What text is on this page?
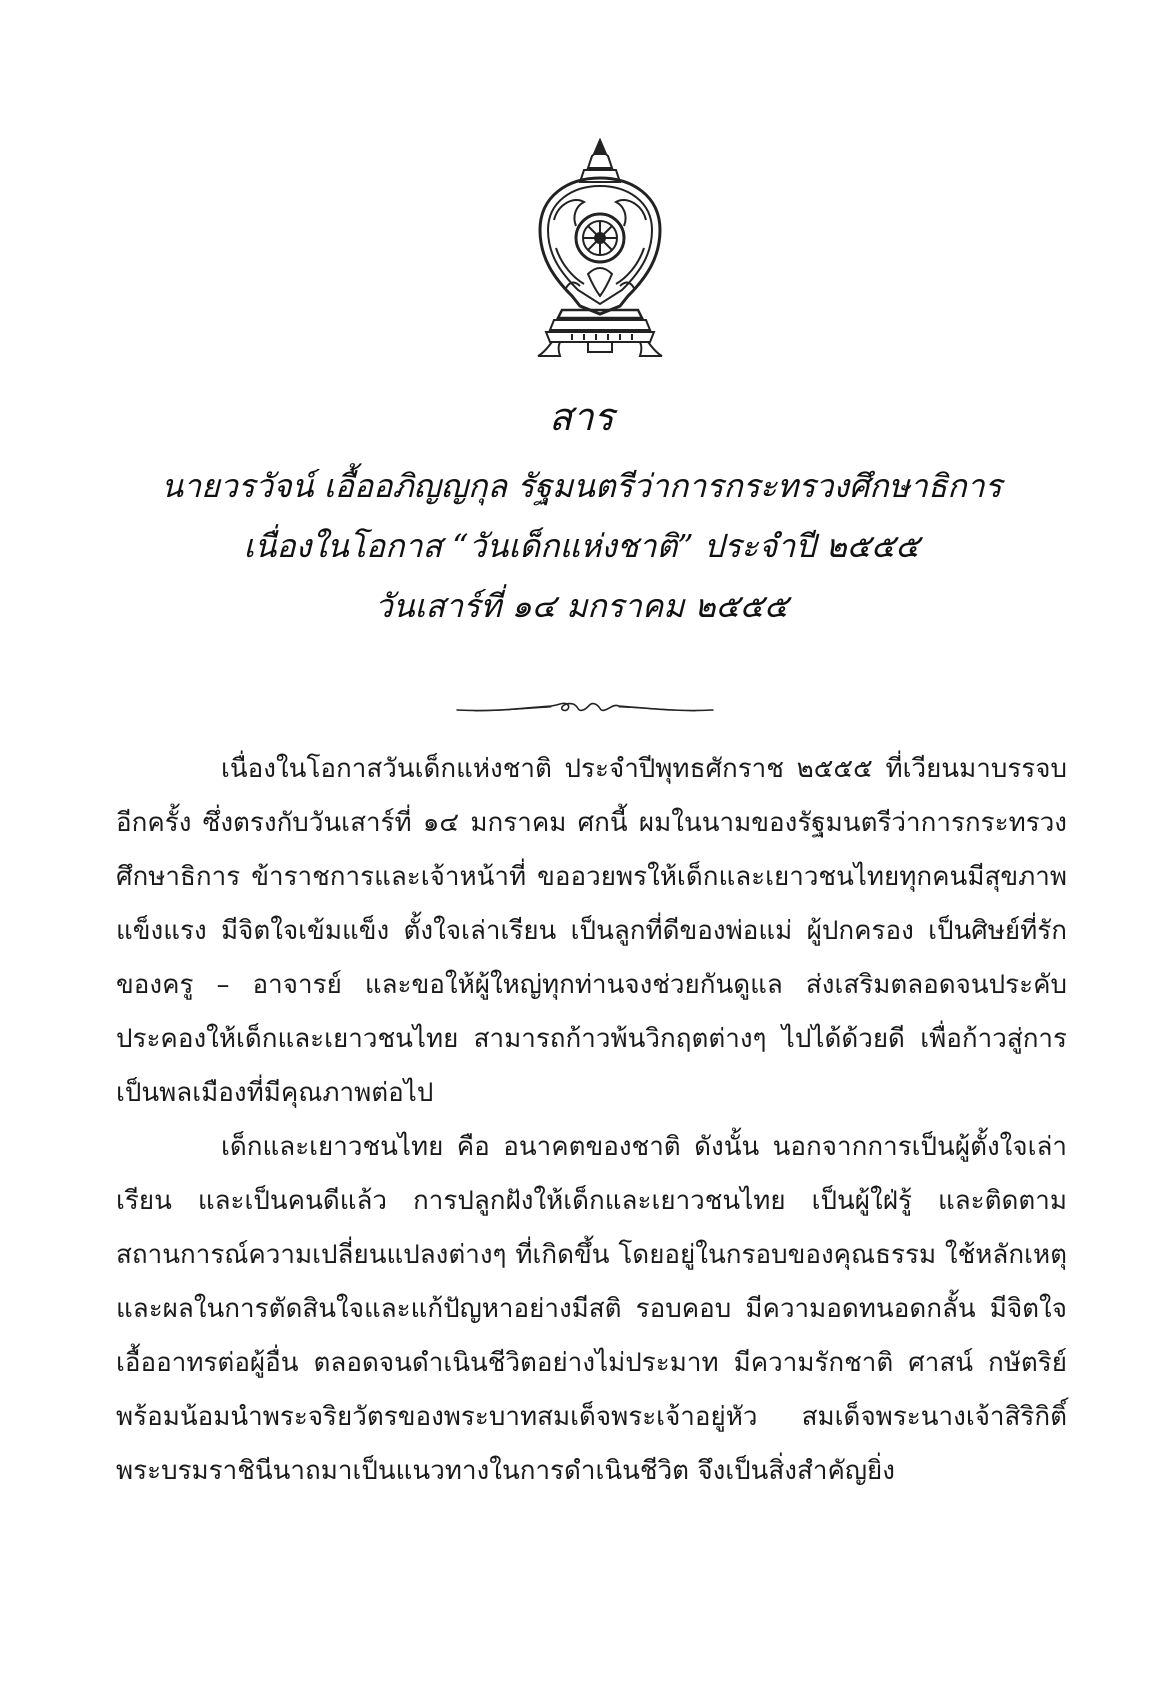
สาร
นายวรวัจน์ เอื้ออภิญญกุล รัฐมนตรีว่าการกระทรวงศึกษาธิการ
เนื่องในโอกาส “วันเด็กแห่งชาติ” ประจำปี ๒๕๕๕
วันเสาร์ที่ ๑๔ มกราคม ๒๕๕๕

เนื่องในโอกาสวันเด็กแห่งชาติ ประจำปีพุทธศักราช ๒๕๕๕ ที่เวียนมาบรรจบอีกครั้ง ซึ่งตรงกับวันเสาร์ที่ ๑๔ มกราคม ศกนี้ ผมในนามของรัฐมนตรีว่าการกระทรวงศึกษาธิการ ข้าราชการและเจ้าหน้าที่ ขออวยพรให้เด็กและเยาวชนไทยทุกคนมีสุขภาพแข็งแรง มีจิตใจเข้มแข็ง ตั้งใจเล่าเรียน เป็นลูกที่ดีของพ่อแม่ ผู้ปกครอง เป็นศิษย์ที่รักของครู – อาจารย์ และขอให้ผู้ใหญ่ทุกท่านจงช่วยกันดูแล ส่งเสริมตลอดจนประคับประคองให้เด็กและเยาวชนไทย สามารถก้าวพ้นวิกฤตต่างๆ ไปได้ด้วยดี เพื่อก้าวสู่การเป็นพลเมืองที่มีคุณภาพต่อไป

เด็กและเยาวชนไทย คือ อนาคตของชาติ ดังนั้น นอกจากการเป็นผู้ตั้งใจเล่าเรียน และเป็นคนดีแล้ว การปลูกฝังให้เด็กและเยาวชนไทย เป็นผู้ใฝ่รู้ และติดตามสถานการณ์ความเปลี่ยนแปลงต่างๆ ที่เกิดขึ้น โดยอยู่ในกรอบของคุณธรรม ใช้หลักเหตุและผลในการตัดสินใจและแก้ปัญหาอย่างมีสติ รอบคอบ มีความอดทนอดกลั้น มีจิตใจเอื้ออาทรต่อผู้อื่น ตลอดจนดำเนินชีวิตอย่างไม่ประมาท มีความรักชาติ ศาสน์ กษัตริย์ พร้อมน้อมนำพระจริยวัตรของพระบาทสมเด็จพระเจ้าอยู่หัว สมเด็จพระนางเจ้าสิริกิติ์ พระบรมราชินีนาถมาเป็นแนวทางในการดำเนินชีวิต จึงเป็นสิ่งสำคัญยิ่ง
